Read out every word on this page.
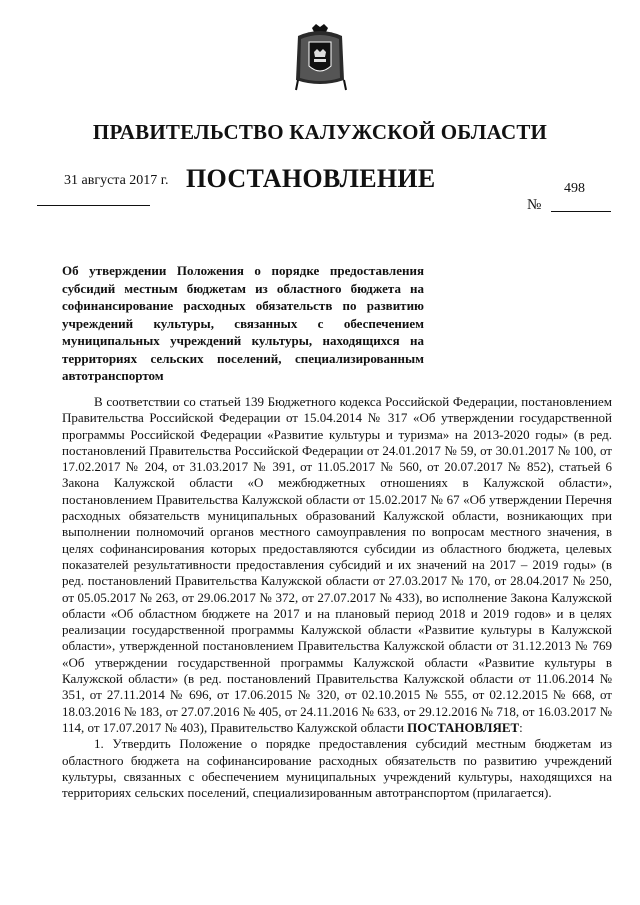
ПРАВИТЕЛЬСТВО КАЛУЖСКОЙ ОБЛАСТИ
31 августа 2017 г. ПОСТАНОВЛЕНИЕ	498
№
Об утверждении Положения о порядке предоставления субсидий местным бюджетам из областного бюджета на софинансирование расходных обязательств по развитию учреждений культуры, связанных с обеспечением муниципальных учреждений культуры, находящихся на территориях сельских поселений, специализированным автотранспортом

В соответствии со статьей 139 Бюджетного кодекса Российской Федерации, постановлением Правительства Российской Федерации от 15.04.2014 № 317 «Об утверждении государственной программы Российской Федерации «Развитие культуры и туризма» на 2013-2020 годы» (в ред. постановлений Правительства Российской Федерации от 24.01.2017 № 59, от 30.01.2017 № 100, от 17.02.2017 № 204, от 31.03.2017 № 391, от 11.05.2017 № 560, от 20.07.2017 № 852), статьей 6 Закона Калужской области «О межбюджетных отношениях в Калужской области», постановлением Правительства Калужской области от 15.02.2017 № 67 «Об утверждении Перечня расходных обязательств муниципальных образований Калужской области, возникающих при выполнении полномочий органов местного самоуправления по вопросам местного значения, в целях софинансирования которых предоставляются субсидии из областного бюджета, целевых показателей результативности предоставления субсидий и их значений на 2017 – 2019 годы» (в ред. постановлений Правительства Калужской области от 27.03.2017 № 170, от 28.04.2017 № 250, от 05.05.2017 № 263, от 29.06.2017 № 372, от 27.07.2017 № 433), во исполнение Закона Калужской области «Об областном бюджете на 2017 и на плановый период 2018 и 2019 годов» и в целях реализации государственной программы Калужской области «Развитие культуры в Калужской области», утвержденной постановлением Правительства Калужской области от 31.12.2013 № 769 «Об утверждении государственной программы Калужской области «Развитие культуры в Калужской области» (в ред. постановлений Правительства Калужской области от 11.06.2014 № 351, от 27.11.2014 № 696, от 17.06.2015 № 320, от 02.10.2015 № 555, от 02.12.2015 № 668, от 18.03.2016 № 183, от 27.07.2016 № 405, от 24.11.2016 № 633, от 29.12.2016 № 718, от 16.03.2017 № 114, от 17.07.2017 № 403), Правительство Калужской области ПОСТАНОВЛЯЕТ:

1. Утвердить Положение о порядке предоставления субсидий местным бюджетам из областного бюджета на софинансирование расходных обязательств по развитию учреждений культуры, связанных с обеспечением муниципальных учреждений культуры, находящихся на территориях сельских поселений, специализированным автотранспортом (прилагается).
